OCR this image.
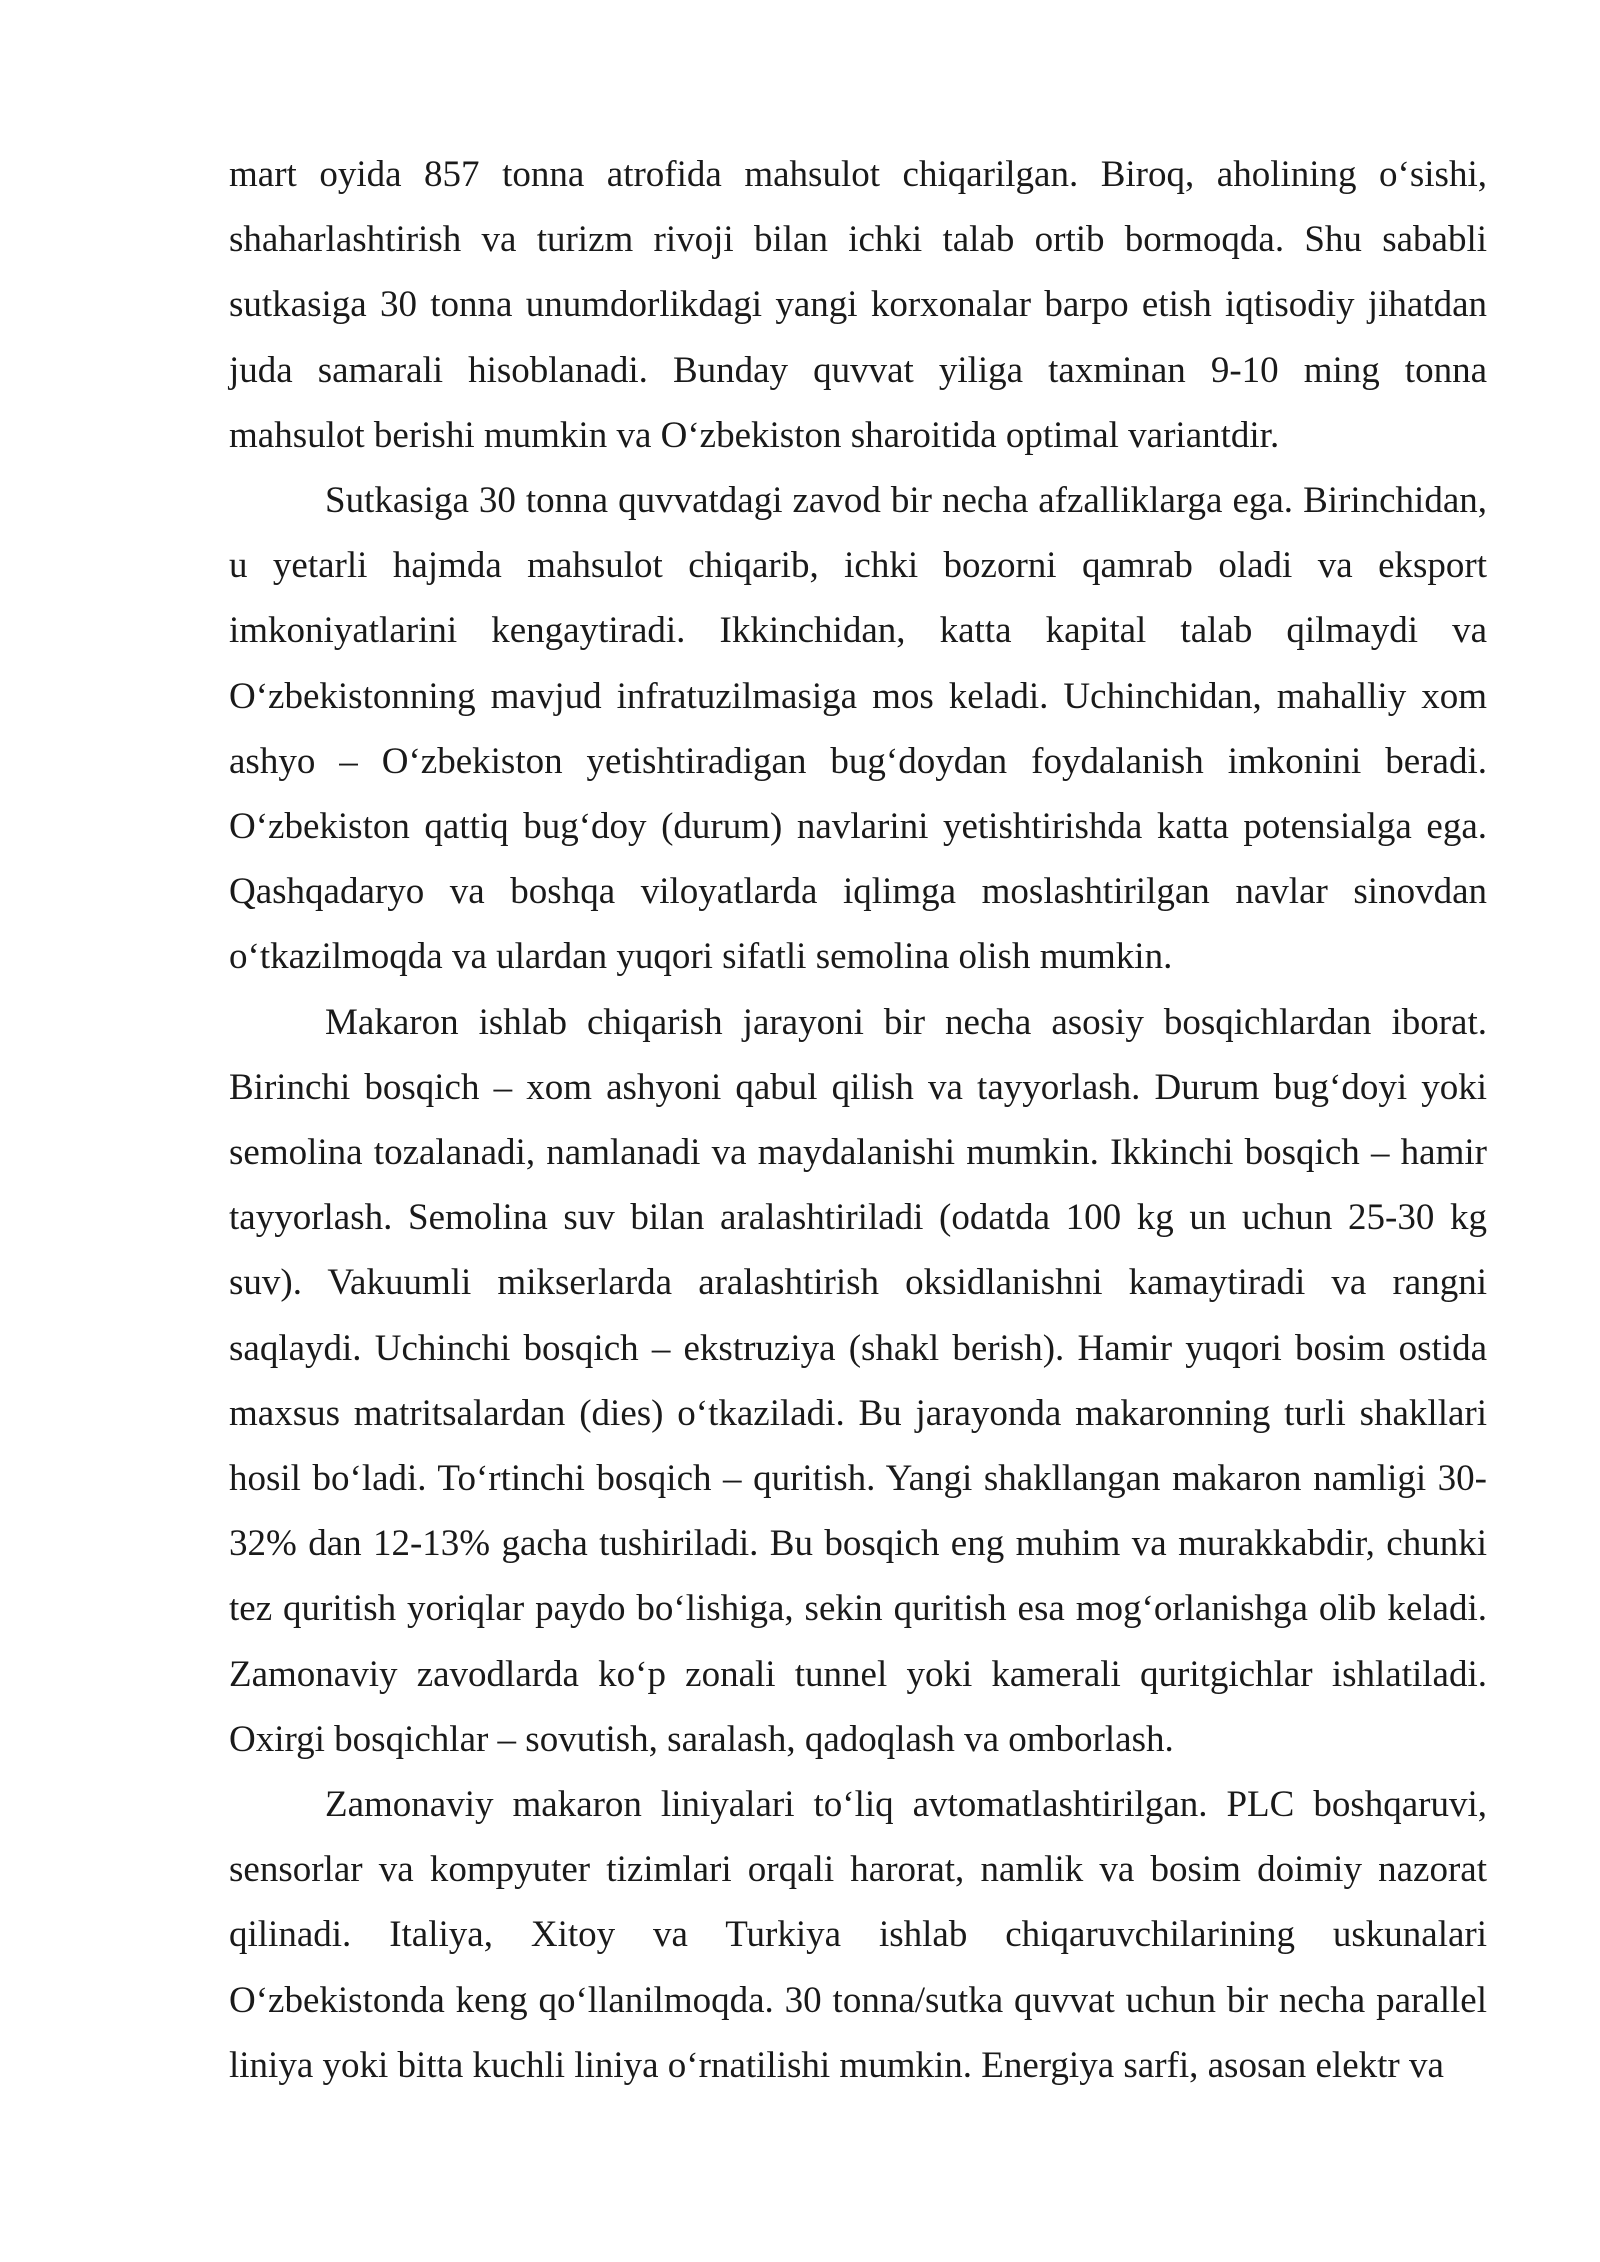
mart oyida 857 tonna atrofida mahsulot chiqarilgan. Biroq, aholining o‘sishi, shaharlashtirish va turizm rivoji bilan ichki talab ortib bormoqda. Shu sababli sutkasiga 30 tonna unumdorlikdagi yangi korxonalar barpo etish iqtisodiy jihatdan juda samarali hisoblanadi. Bunday quvvat yiliga taxminan 9-10 ming tonna mahsulot berishi mumkin va O‘zbekiston sharoitida optimal variantdir.

Sutkasiga 30 tonna quvvatdagi zavod bir necha afzalliklarga ega. Birinchidan, u yetarli hajmda mahsulot chiqarib, ichki bozorni qamrab oladi va eksport imkoniyatlarini kengaytiradi. Ikkinchidan, katta kapital talab qilmaydi va O‘zbekistonning mavjud infratuzilmasiga mos keladi. Uchinchidan, mahalliy xom ashyo – O‘zbekiston yetishtiradigan bug‘doydan foydalanish imkonini beradi. O‘zbekiston qattiq bug‘doy (durum) navlarini yetishtirishda katta potensialga ega. Qashqadaryo va boshqa viloyatlarda iqlimga moslashtirilgan navlar sinovdan o‘tkazilmoqda va ulardan yuqori sifatli semolina olish mumkin.

Makaron ishlab chiqarish jarayoni bir necha asosiy bosqichlardan iborat. Birinchi bosqich – xom ashyoni qabul qilish va tayyorlash. Durum bug‘doyi yoki semolina tozalanadi, namlanadi va maydalanishi mumkin. Ikkinchi bosqich – hamir tayyorlash. Semolina suv bilan aralashtiriladi (odatda 100 kg un uchun 25-30 kg suv). Vakuumli mikserlarda aralashtirish oksidlanishni kamaytiradi va rangni saqlaydi. Uchinchi bosqich – ekstruziya (shakl berish). Hamir yuqori bosim ostida maxsus matritsalardan (dies) o‘tkaziladi. Bu jarayonda makaronning turli shakllari hosil bo‘ladi. To‘rtinchi bosqich – quritish. Yangi shakllangan makaron namligi 30-32% dan 12-13% gacha tushiriladi. Bu bosqich eng muhim va murakkabdir, chunki tez quritish yoriqlar paydo bo‘lishiga, sekin quritish esa mog‘orlanishga olib keladi. Zamonaviy zavodlarda ko‘p zonali tunnel yoki kamerali quritgichlar ishlatiladi. Oxirgi bosqichlar – sovutish, saralash, qadoqlash va omborlash.

Zamonaviy makaron liniyalari to‘liq avtomatlashtirilgan. PLC boshqaruvi, sensorlar va kompyuter tizimlari orqali harorat, namlik va bosim doimiy nazorat qilinadi. Italiya, Xitoy va Turkiya ishlab chiqaruvchilarining uskunalari O‘zbekistonda keng qo‘llanilmoqda. 30 tonna/sutka quvvat uchun bir necha parallel liniya yoki bitta kuchli liniya o‘rnatilishi mumkin. Energiya sarfi, asosan elektr va
